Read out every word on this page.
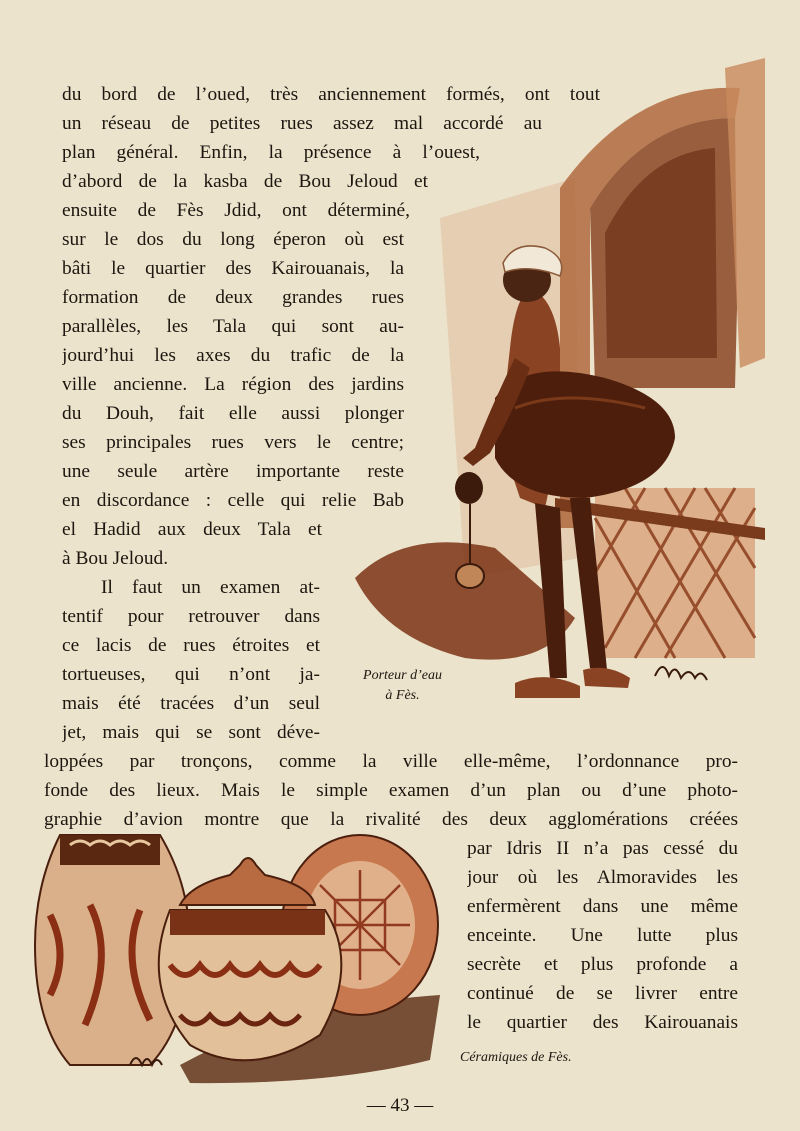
du bord de l’oued, très anciennement formés, ont tout

un réseau de petites rues assez mal accordé au

plan général. Enfin, la présence à l’ouest,

d’abord de la kasba de Bou Jeloud et

ensuite de Fès Jdid, ont déterminé,

sur le dos du long éperon où est

bâti le quartier des Kairouanais, la

formation de deux grandes rues

parallèles, les Tala qui sont au-

jourd’hui les axes du trafic de la

ville ancienne. La région des jardins

du Douh, fait elle aussi plonger

ses principales rues vers le centre;

une seule artère importante reste

en discordance : celle qui relie Bab

el Hadid aux deux Tala et

à Bou Jeloud.

Il faut un examen at-

tentif pour retrouver dans

ce lacis de rues étroites et

tortueuses, qui n’ont ja-

mais été tracées d’un seul

jet, mais qui se sont déve-

loppées par tronçons, comme la ville elle-même, l’ordonnance pro-

fonde des lieux. Mais le simple examen d’un plan ou d’une photo-

graphie d’avion montre que la rivalité des deux agglomérations créées

par Idris II n’a pas cessé du

jour où les Almoravides les

enfermèrent dans une même

enceinte. Une lutte plus

secrète et plus profonde a

continué de se livrer entre

le quartier des Kairouanais

Porteur d’eau
à Fès.
Céramiques de Fès.
— 43 —
